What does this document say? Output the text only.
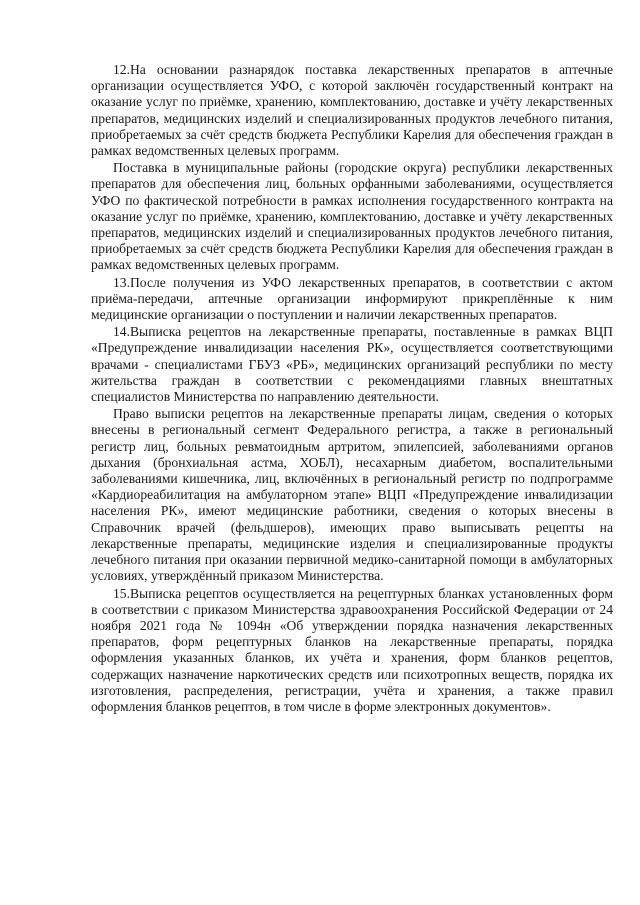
12.На основании разнарядок поставка лекарственных препаратов в аптечные организации осуществляется УФО, с которой заключён государственный контракт на оказание услуг по приёмке, хранению, комплектованию, доставке и учёту лекарственных препаратов, медицинских изделий и специализированных продуктов лечебного питания, приобретаемых за счёт средств бюджета Республики Карелия для обеспечения граждан в рамках ведомственных целевых программ.

Поставка в муниципальные районы (городские округа) республики лекарственных препаратов для обеспечения лиц, больных орфанными заболеваниями, осуществляется УФО по фактической потребности в рамках исполнения государственного контракта на оказание услуг по приёмке, хранению, комплектованию, доставке и учёту лекарственных препаратов, медицинских изделий и специализированных продуктов лечебного питания, приобретаемых за счёт средств бюджета Республики Карелия для обеспечения граждан в рамках ведомственных целевых программ.

13.После получения из УФО лекарственных препаратов, в соответствии с актом приёма-передачи, аптечные организации информируют прикреплённые к ним медицинские организации о поступлении и наличии лекарственных препаратов.

14.Выписка рецептов на лекарственные препараты, поставленные в рамках ВЦП «Предупреждение инвалидизации населения РК», осуществляется соответствующими врачами - специалистами ГБУЗ «РБ», медицинских организаций республики по месту жительства граждан в соответствии с рекомендациями главных внештатных специалистов Министерства по направлению деятельности.

Право выписки рецептов на лекарственные препараты лицам, сведения о которых внесены в региональный сегмент Федерального регистра, а также в региональный регистр лиц, больных ревматоидным артритом, эпилепсией, заболеваниями органов дыхания (бронхиальная астма, ХОБЛ), несахарным диабетом, воспалительными заболеваниями кишечника, лиц, включённых в региональный регистр по подпрограмме «Кардиореабилитация на амбулаторном этапе» ВЦП «Предупреждение инвалидизации населения РК», имеют медицинские работники, сведения о которых внесены в Справочник врачей (фельдшеров), имеющих право выписывать рецепты на лекарственные препараты, медицинские изделия и специализированные продукты лечебного питания при оказании первичной медико-санитарной помощи в амбулаторных условиях, утверждённый приказом Министерства.

15.Выписка рецептов осуществляется на рецептурных бланках установленных форм в соответствии с приказом Министерства здравоохранения Российской Федерации от 24 ноября 2021 года № 1094н «Об утверждении порядка назначения лекарственных препаратов, форм рецептурных бланков на лекарственные препараты, порядка оформления указанных бланков, их учёта и хранения, форм бланков рецептов, содержащих назначение наркотических средств или психотропных веществ, порядка их изготовления, распределения, регистрации, учёта и хранения, а также правил оформления бланков рецептов, в том числе в форме электронных документов».
